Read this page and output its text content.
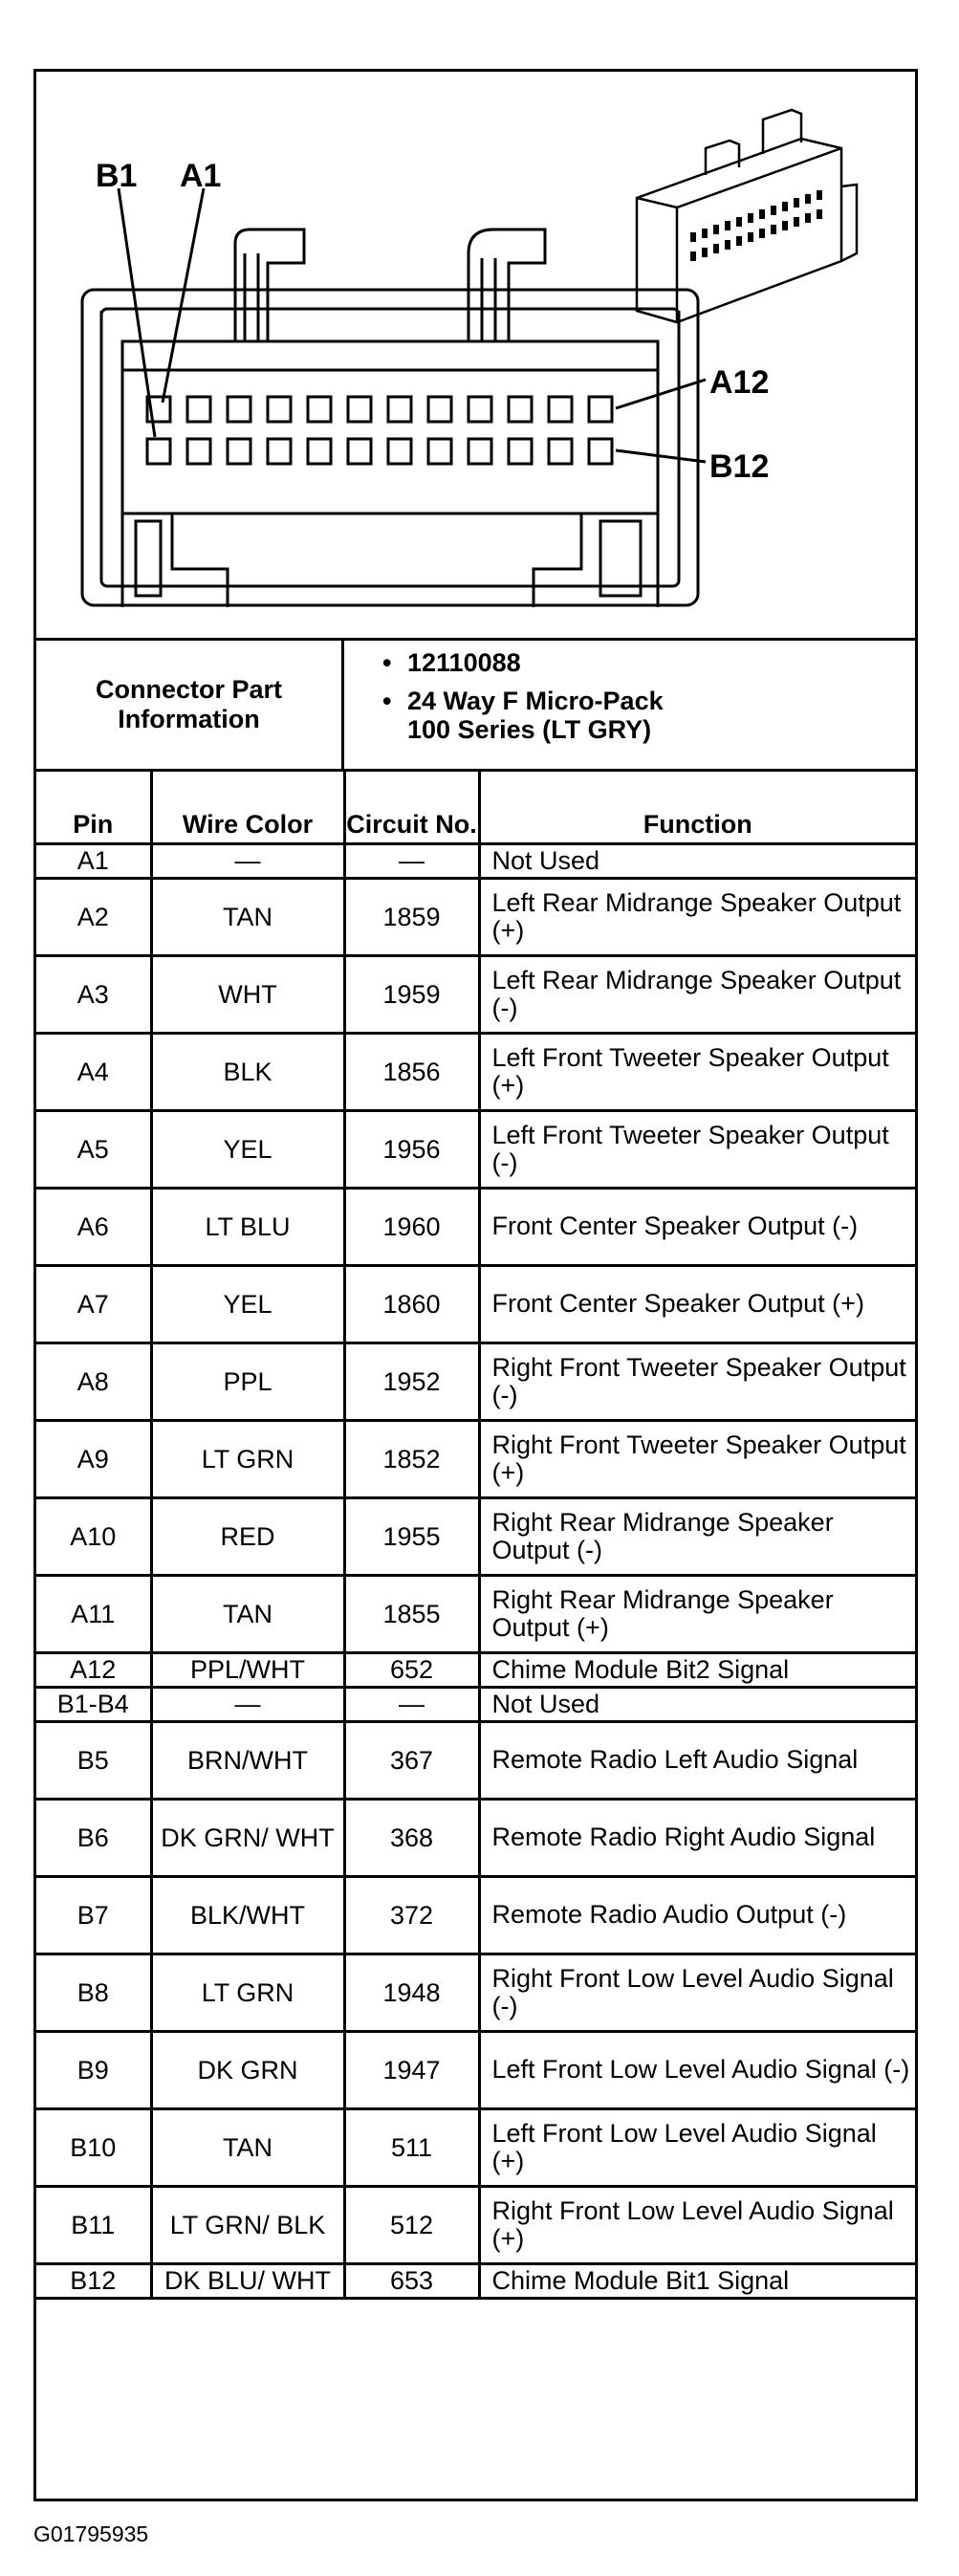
B1 A1
A12
B12
Connector Part Information
• 12110088
• 24 Way F Micro-Pack 100 Series (LT GRY)
Pin	Wire Color	Circuit No.	Function
A1	—	—	Not Used
A2	TAN	1859	Left Rear Midrange Speaker Output (+)
A3	WHT	1959	Left Rear Midrange Speaker Output (-)
A4	BLK	1856	Left Front Tweeter Speaker Output (+)
A5	YEL	1956	Left Front Tweeter Speaker Output (-)
A6	LT BLU	1960	Front Center Speaker Output (-)
A7	YEL	1860	Front Center Speaker Output (+)
A8	PPL	1952	Right Front Tweeter Speaker Output (-)
A9	LT GRN	1852	Right Front Tweeter Speaker Output (+)
A10	RED	1955	Right Rear Midrange Speaker Output (-)
A11	TAN	1855	Right Rear Midrange Speaker Output (+)
A12	PPL/WHT	652	Chime Module Bit2 Signal
B1-B4	—	—	Not Used
B5	BRN/WHT	367	Remote Radio Left Audio Signal
B6	DK GRN/ WHT	368	Remote Radio Right Audio Signal
B7	BLK/WHT	372	Remote Radio Audio Output (-)
B8	LT GRN	1948	Right Front Low Level Audio Signal (-)
B9	DK GRN	1947	Left Front Low Level Audio Signal (-)
B10	TAN	511	Left Front Low Level Audio Signal (+)
B11	LT GRN/ BLK	512	Right Front Low Level Audio Signal (+)
B12	DK BLU/ WHT	653	Chime Module Bit1 Signal
G01795935
